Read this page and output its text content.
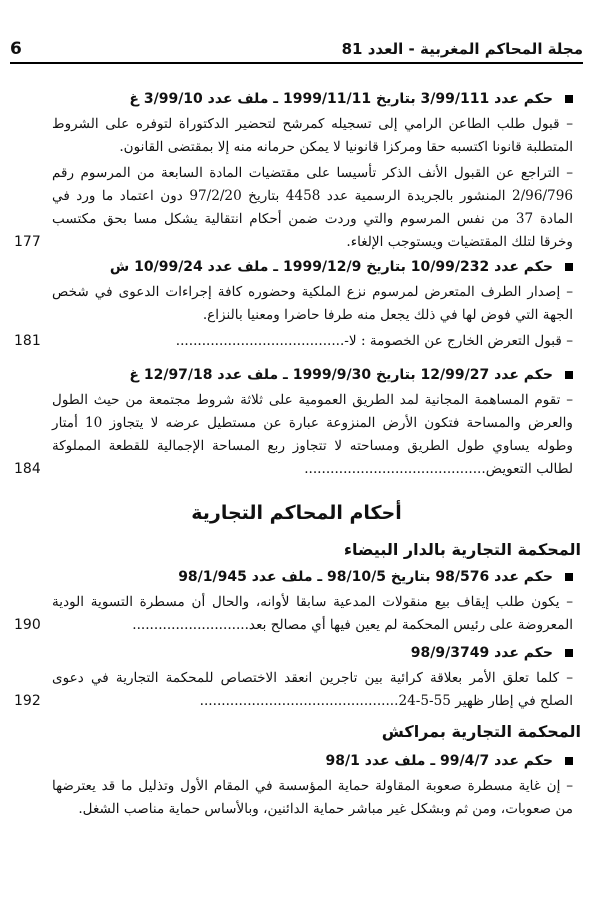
مجلة المحاكم المغربية - العدد 81
6
حكم عدد 3/99/111 بتاريخ 1999/11/11 ـ ملف عدد 3/99/10 غ
– قبول طلب الطاعن الرامي إلى تسجيله كمرشح لتحضير الدكتوراة لتوفره على الشروط المتطلبة قانونا اكتسبه حقا ومركزا قانونيا لا يمكن حرمانه منه إلا بمقتضى القانون.
– التراجع عن القبول الأنف الذكر تأسيسا على مقتضيات المادة السابعة من المرسوم رقم 2/96/796 المنشور بالجريدة الرسمية عدد 4458 بتاريخ 97/2/20 دون اعتماد ما ورد في المادة 37 من نفس المرسوم والتي وردت ضمن أحكام انتقالية يشكل مسا بحق مكتسب وخرقا لتلك المقتضيات ويستوجب الإلغاء.
177
حكم عدد 10/99/232 بتاريخ 1999/12/9 ـ ملف عدد 10/99/24 ش
– إصدار الطرف المتعرض لمرسوم نزع الملكية وحضوره كافة إجراءات الدعوى في شخص الجهة التي فوض لها في ذلك يجعل منه طرفا حاضرا ومعنيا بالنزاع.
– قبول التعرض الخارج عن الخصومة : لا-.......................................
181
حكم عدد 12/99/27 بتاريخ 1999/9/30 ـ ملف عدد 12/97/18 غ
– تقوم المساهمة المجانية لمد الطريق العمومية على ثلاثة شروط مجتمعة من حيث الطول والعرض والمساحة فتكون الأرض المنزوعة عبارة عن مستطيل عرضه لا يتجاوز 10 أمتار وطوله يساوي طول الطريق ومساحته لا تتجاوز ربع المساحة الإجمالية للقطعة المملوكة لطالب التعويض..........................................
184
أحكام المحاكم التجارية
المحكمة التجارية بالدار البيضاء
حكم عدد 98/576 بتاريخ 98/10/5 ـ ملف عدد 98/1/945
– يكون طلب إيقاف بيع منقولات المدعية سابقا لأوانه، والحال أن مسطرة التسوية الودية المعروضة على رئيس المحكمة لم يعين فيها أي مصالح بعد...........................
190
حكم عدد 98/9/3749
– كلما تعلق الأمر بعلاقة كرائية بين تاجرين انعقد الاختصاص للمحكمة التجارية في دعوى الصلح في إطار ظهير 55-5-24..............................................
192
المحكمة التجارية بمراكش
حكم عدد 99/4/7 ـ ملف عدد 98/1
– إن غاية مسطرة صعوبة المقاولة حماية المؤسسة في المقام الأول وتذليل ما قد يعترضها من صعوبات، ومن ثم وبشكل غير مباشر حماية الدائنين، وبالأساس حماية مناصب الشغل.
